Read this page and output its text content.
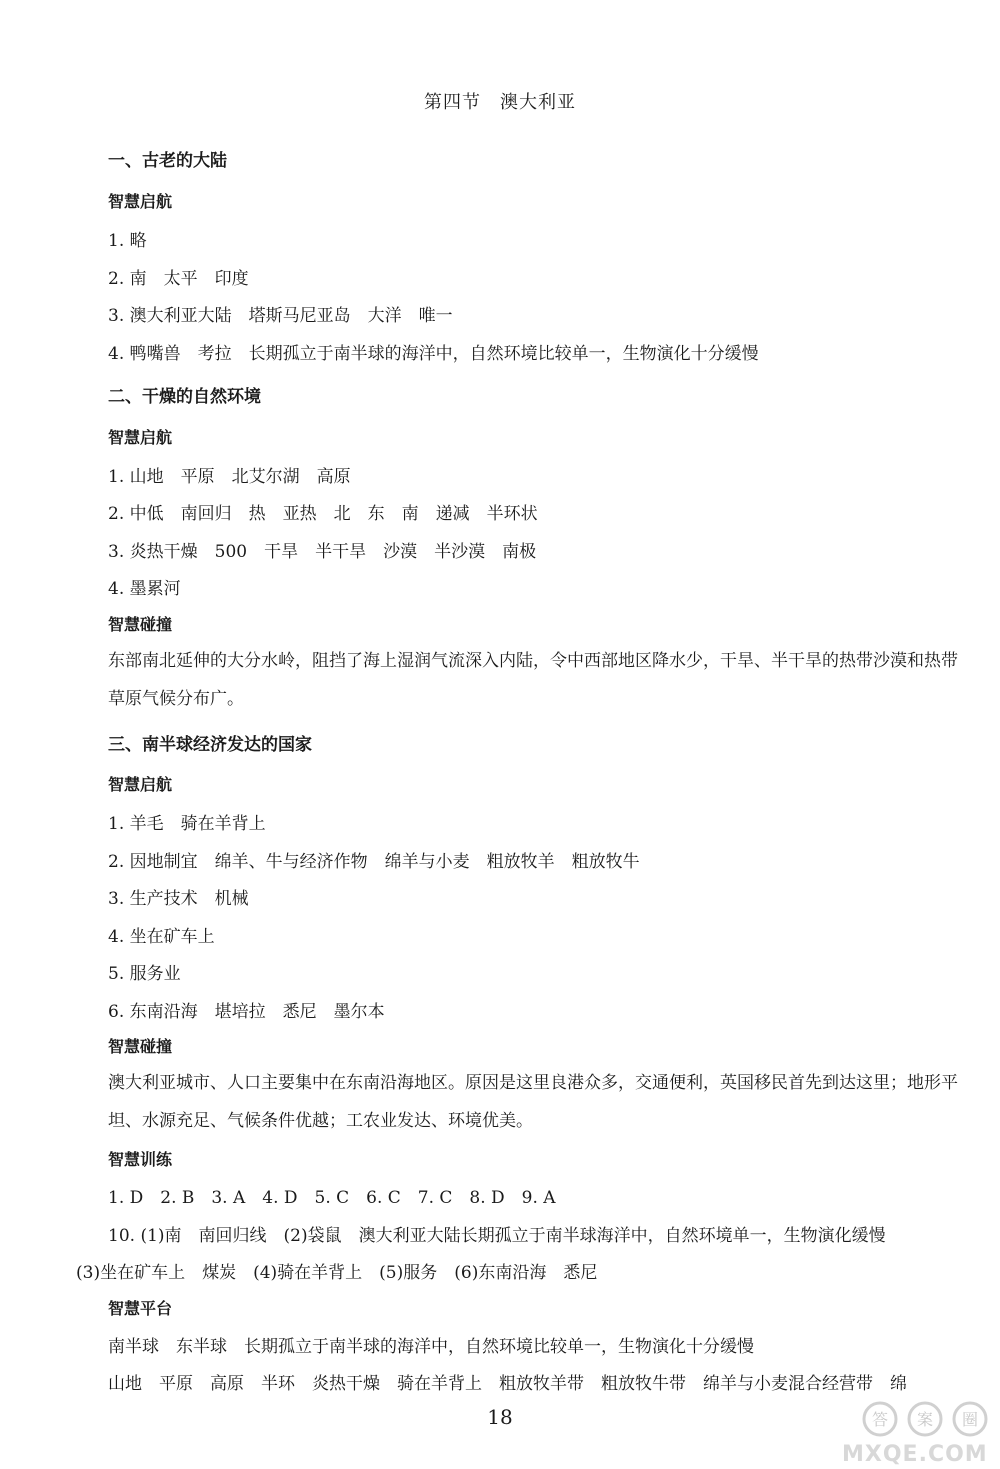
第四节　澳大利亚
一、古老的大陆
智慧启航
1. 略
2. 南　太平　印度
3. 澳大利亚大陆　塔斯马尼亚岛　大洋　唯一
4. 鸭嘴兽　考拉　长期孤立于南半球的海洋中，自然环境比较单一，生物演化十分缓慢
二、干燥的自然环境
智慧启航
1. 山地　平原　北艾尔湖　高原
2. 中低　南回归　热　亚热　北　东　南　递减　半环状
3. 炎热干燥　500　干旱　半干旱　沙漠　半沙漠　南极
4. 墨累河
智慧碰撞
东部南北延伸的大分水岭，阻挡了海上湿润气流深入内陆，令中西部地区降水少，干旱、半干旱的热带沙漠和热带草原气候分布广。
三、南半球经济发达的国家
智慧启航
1. 羊毛　骑在羊背上
2. 因地制宜　绵羊、牛与经济作物　绵羊与小麦　粗放牧羊　粗放牧牛
3. 生产技术　机械
4. 坐在矿车上
5. 服务业
6. 东南沿海　堪培拉　悉尼　墨尔本
智慧碰撞
澳大利亚城市、人口主要集中在东南沿海地区。原因是这里良港众多，交通便利，英国移民首先到达这里；地形平坦、水源充足、气候条件优越；工农业发达、环境优美。
智慧训练
1. D　2. B　3. A　4. D　5. C　6. C　7. C　8. D　9. A
10. (1)南　南回归线　(2)袋鼠　澳大利亚大陆长期孤立于南半球海洋中，自然环境单一，生物演化缓慢
(3)坐在矿车上　煤炭　(4)骑在羊背上　(5)服务　(6)东南沿海　悉尼
智慧平台
南半球　东半球　长期孤立于南半球的海洋中，自然环境比较单一，生物演化十分缓慢
山地　平原　高原　半环　炎热干燥　骑在羊背上　粗放牧羊带　粗放牧牛带　绵羊与小麦混合经营带　绵
18	答 案 圈
MXQE.COM
